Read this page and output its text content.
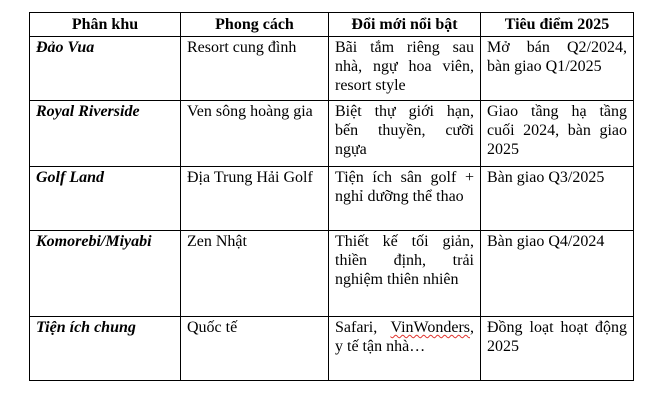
Phân khu	Phong cách	Đổi mới nổi bật	Tiêu điểm 2025
Đảo Vua	Resort cung đình	Bãi tắm riêng sau nhà, ngự hoa viên, resort style	Mở bán Q2/2024, bàn giao Q1/2025
Royal Riverside	Ven sông hoàng gia	Biệt thự giới hạn, bến thuyền, cưỡi ngựa	Giao tầng hạ tầng cuối 2024, bàn giao 2025
Golf Land	Địa Trung Hải Golf	Tiện ích sân golf + nghỉ dưỡng thể thao	Bàn giao Q3/2025
Komorebi/Miyabi	Zen Nhật	Thiết kế tối giản, thiền định, trải nghiệm thiên nhiên	Bàn giao Q4/2024
Tiện ích chung	Quốc tế	Safari, VinWonders, y tế tận nhà…	Đồng loạt hoạt động 2025
